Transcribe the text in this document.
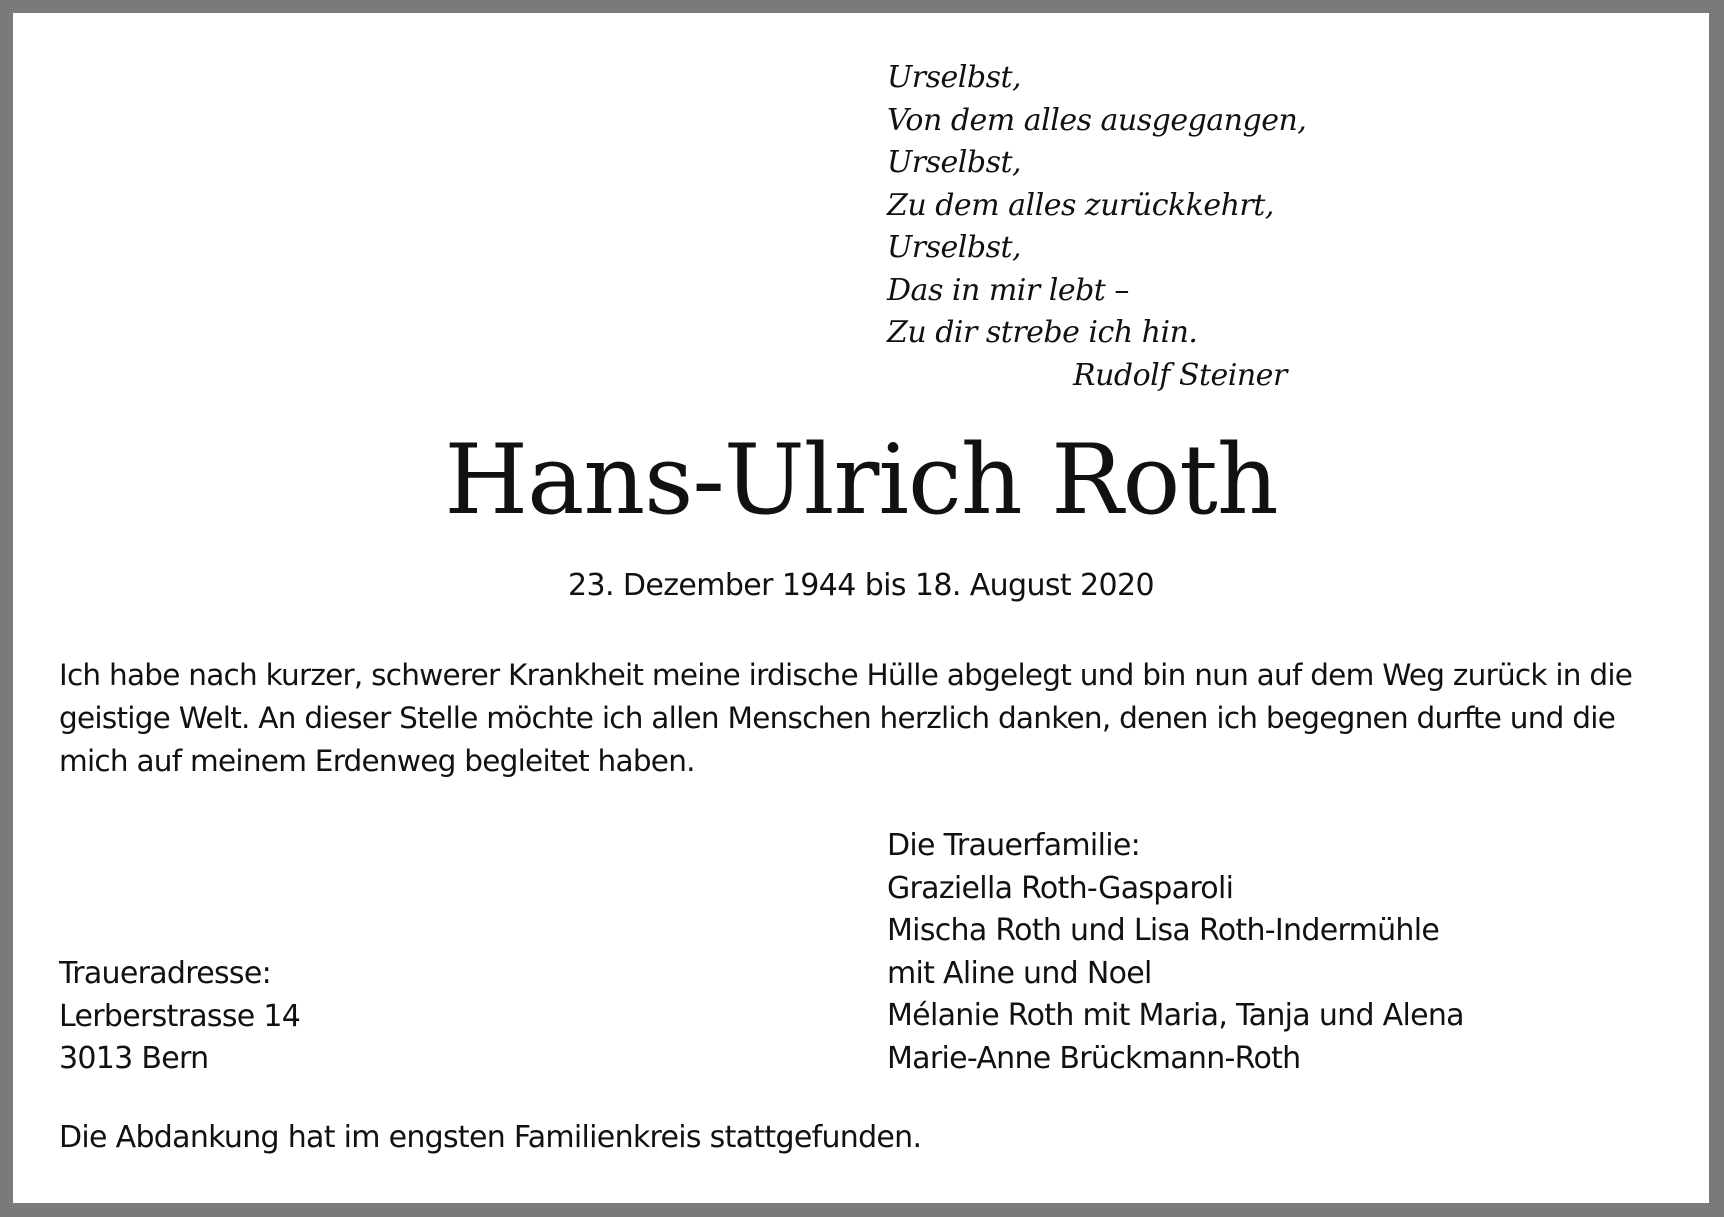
Urselbst,
Von dem alles ausgegangen,
Urselbst,
Zu dem alles zurückkehrt,
Urselbst,
Das in mir lebt –
Zu dir strebe ich hin.
Rudolf Steiner
Hans-Ulrich Roth
23. Dezember 1944 bis 18. August 2020
Ich habe nach kurzer, schwerer Krankheit meine irdische Hülle abgelegt und bin nun auf dem Weg zurück in die
geistige Welt. An dieser Stelle möchte ich allen Menschen herzlich danken, denen ich begegnen durfte und die
mich auf meinem Erdenweg begleitet haben.
Die Trauerfamilie:
Graziella Roth-Gasparoli
Mischa Roth und Lisa Roth-Indermühle
mit Aline und Noel
Mélanie Roth mit Maria, Tanja und Alena
Marie-Anne Brückmann-Roth
Traueradresse:
Lerberstrasse 14
3013 Bern
Die Abdankung hat im engsten Familienkreis stattgefunden.
